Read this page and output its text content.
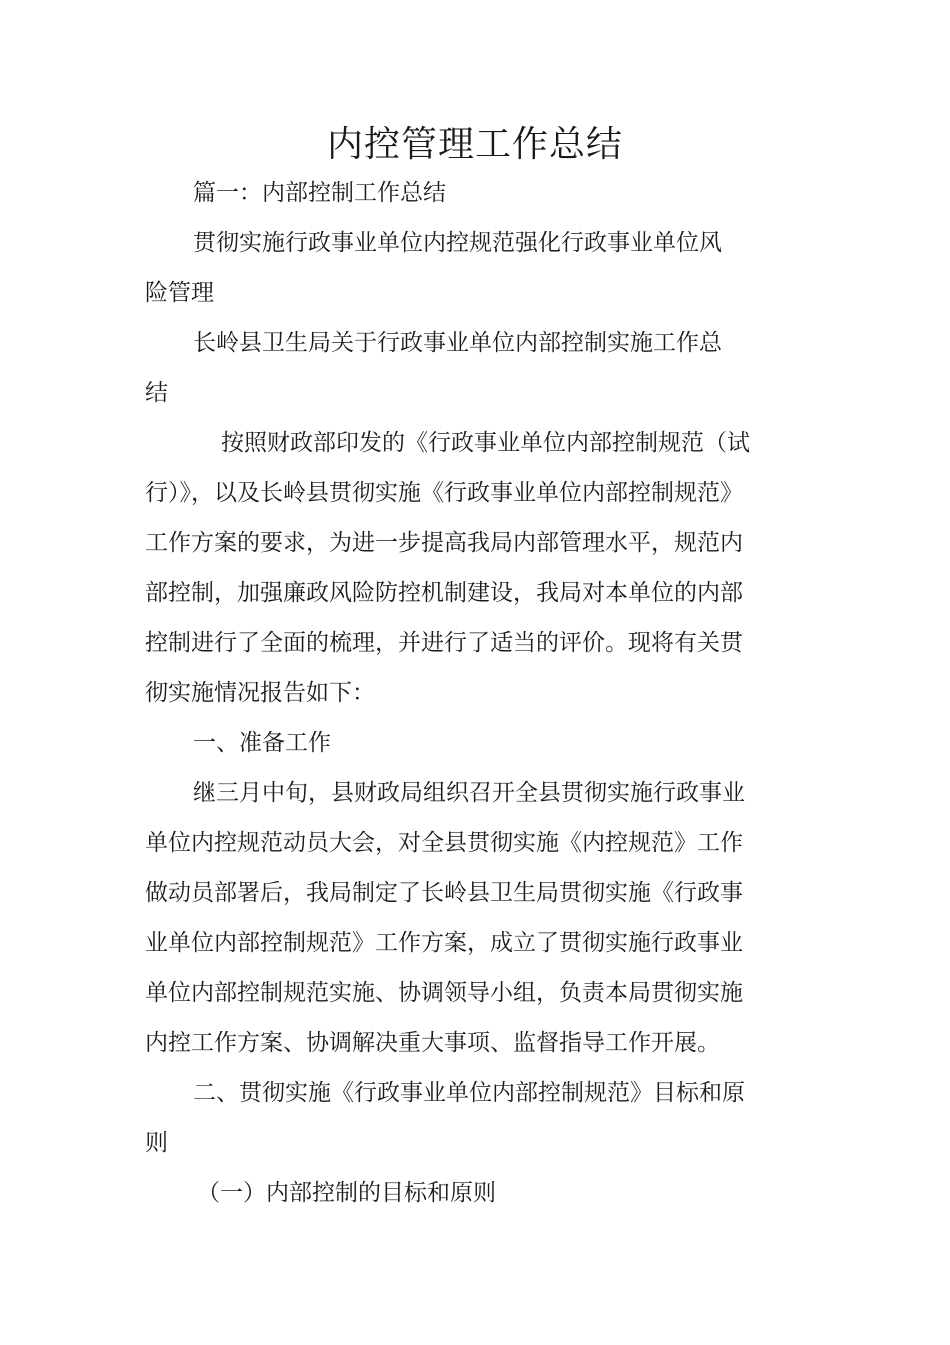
内控管理工作总结
篇一：内部控制工作总结
贯彻实施行政事业单位内控规范强化行政事业单位风
险管理
长岭县卫生局关于行政事业单位内部控制实施工作总
结
按照财政部印发的《行政事业单位内部控制规范（试
行）》，以及长岭县贯彻实施《行政事业单位内部控制规范》
工作方案的要求，为进一步提高我局内部管理水平，规范内
部控制，加强廉政风险防控机制建设，我局对本单位的内部
控制进行了全面的梳理，并进行了适当的评价。现将有关贯
彻实施情况报告如下：
一、准备工作
继三月中旬，县财政局组织召开全县贯彻实施行政事业
单位内控规范动员大会，对全县贯彻实施《内控规范》工作
做动员部署后，我局制定了长岭县卫生局贯彻实施《行政事
业单位内部控制规范》工作方案，成立了贯彻实施行政事业
单位内部控制规范实施、协调领导小组，负责本局贯彻实施
内控工作方案、协调解决重大事项、监督指导工作开展。
二、贯彻实施《行政事业单位内部控制规范》目标和原
则
（一）内部控制的目标和原则
